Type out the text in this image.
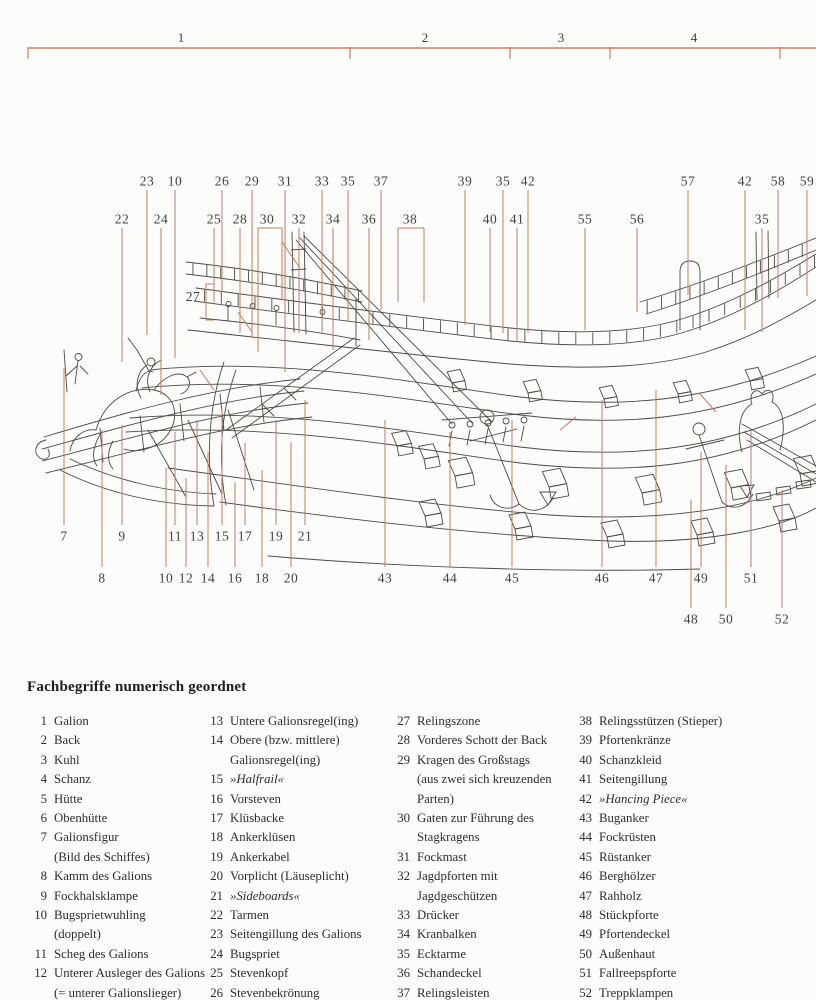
1	2	3	4
23 10 26 29 31 33 35 37	39 35 42	57	42 58 59
22 24	25 28 30 32 34 36 38	40 41	55	56	35
7	9	11 13 15 17 19 21
8	10 12 14 16 18 20	43	44	45	46	47 49	51
48 50	52
27
Fachbegriffe numerisch geordnet
1 Galion
2 Back
3 Kuhl
4 Schanz
5 Hütte
6 Obenhütte
7 Galionsfigur
(Bild des Schiffes)
8 Kamm des Galions
9 Fockhalsklampe
10 Bugsprietwuhling
(doppelt)
11 Scheg des Galions
12 Unterer Ausleger des Galions
(= unterer Galionslieger)
13 Untere Galionsregel(ing)
14 Obere (bzw. mittlere)
Galionsregel(ing)
15 »Halfrail«
16 Vorsteven
17 Klüsbacke
18 Ankerklüsen
19 Ankerkabel
20 Vorplicht (Läuseplicht)
21 »Sideboards«
22 Tarmen
23 Seitengillung des Galions
24 Bugspriet
25 Stevenkopf
26 Stevenbekrönung
27 Relingszone
28 Vorderes Schott der Back
29 Kragen des Großstags
(aus zwei sich kreuzenden
Parten)
30 Gaten zur Führung des
Stagkragens
31 Fockmast
32 Jagdpforten mit
Jagdgeschützen
33 Drücker
34 Kranbalken
35 Ecktarme
36 Schandeckel
37 Relingsleisten
38 Relingsstützen (Stieper)
39 Pfortenkränze
40 Schanzkleid
41 Seitengillung
42 »Hancing Piece«
43 Buganker
44 Fockrüsten
45 Rüstanker
46 Berghölzer
47 Rahholz
48 Stückpforte
49 Pfortendeckel
50 Außenhaut
51 Fallreepspforte
52 Treppklampen
